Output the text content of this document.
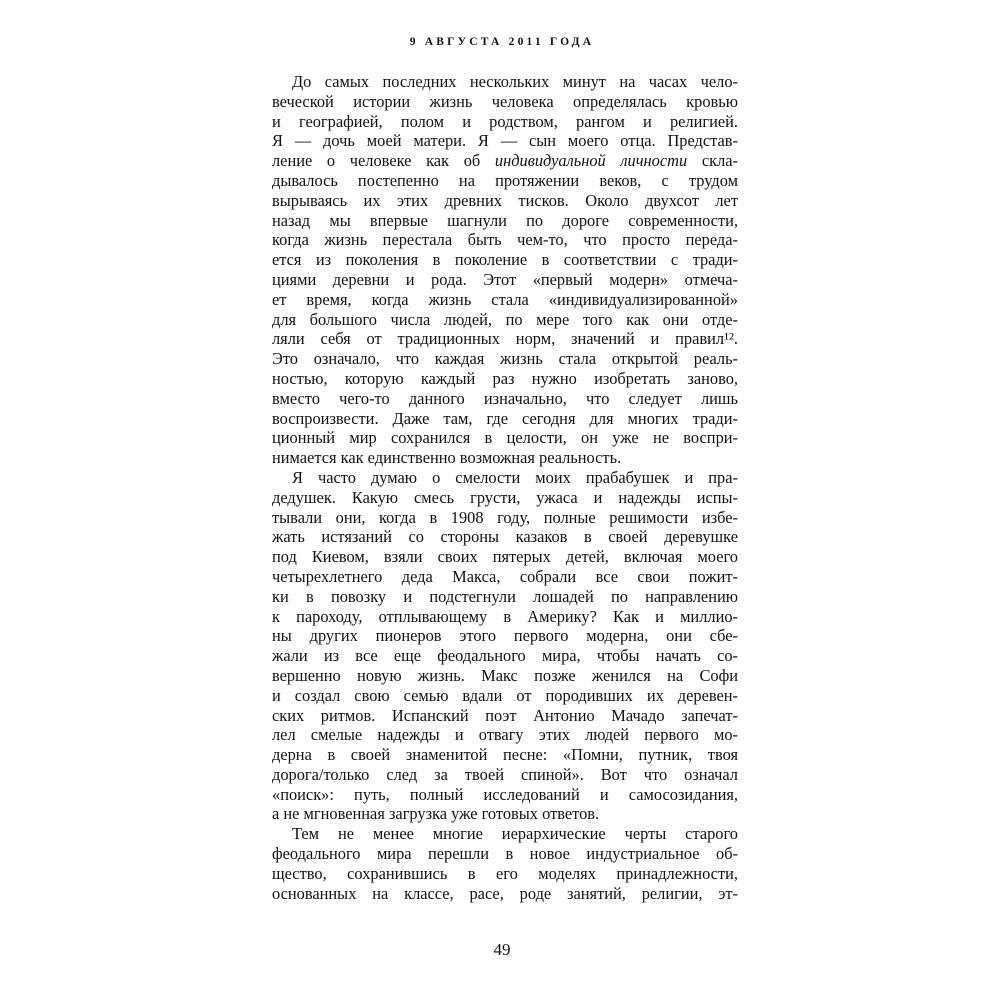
9 АВГУСТА 2011 ГОДА
До самых последних нескольких минут на часах чело-
веческой истории жизнь человека определялась кровью
и географией, полом и родством, рангом и религией.
Я — дочь моей матери. Я — сын моего отца. Представ-
ление о человеке как об индивидуальной личности скла-
дывалось постепенно на протяжении веков, с трудом
вырываясь их этих древних тисков. Около двухсот лет
назад мы впервые шагнули по дороге современности,
когда жизнь перестала быть чем-то, что просто переда-
ется из поколения в поколение в соответствии с тради-
циями деревни и рода. Этот «первый модерн» отмеча-
ет время, когда жизнь стала «индивидуализированной»
для большого числа людей, по мере того как они отде-
ляли себя от традиционных норм, значений и правил¹².
Это означало, что каждая жизнь стала открытой реаль-
ностью, которую каждый раз нужно изобретать заново,
вместо чего-то данного изначально, что следует лишь
воспроизвести. Даже там, где сегодня для многих тради-
ционный мир сохранился в целости, он уже не воспри-
нимается как единственно возможная реальность.
Я часто думаю о смелости моих прабабушек и пра-
дедушек. Какую смесь грусти, ужаса и надежды испы-
тывали они, когда в 1908 году, полные решимости избе-
жать истязаний со стороны казаков в своей деревушке
под Киевом, взяли своих пятерых детей, включая моего
четырехлетнего деда Макса, собрали все свои пожит-
ки в повозку и подстегнули лошадей по направлению
к пароходу, отплывающему в Америку? Как и миллио-
ны других пионеров этого первого модерна, они сбе-
жали из все еще феодального мира, чтобы начать со-
вершенно новую жизнь. Макс позже женился на Софи
и создал свою семью вдали от породивших их деревен-
ских ритмов. Испанский поэт Антонио Мачадо запечат-
лел смелые надежды и отвагу этих людей первого мо-
дерна в своей знаменитой песне: «Помни, путник, твоя
дорога/только след за твоей спиной». Вот что означал
«поиск»: путь, полный исследований и самосозидания,
а не мгновенная загрузка уже готовых ответов.
Тем не менее многие иерархические черты старого
феодального мира перешли в новое индустриальное об-
щество, сохранившись в его моделях принадлежности,
основанных на классе, расе, роде занятий, религии, эт-
49
